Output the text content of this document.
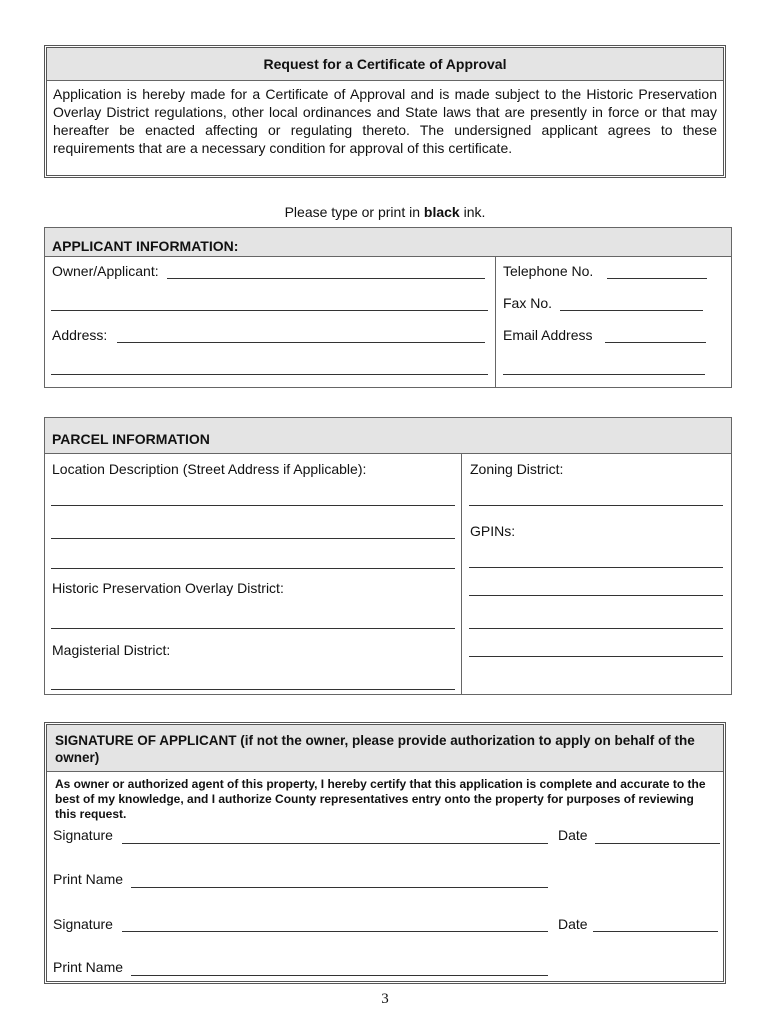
Request for a Certificate of Approval
Application is hereby made for a Certificate of Approval and is made subject to the Historic Preservation Overlay District regulations, other local ordinances and State laws that are presently in force or that may hereafter be enacted affecting or regulating thereto. The undersigned applicant agrees to these requirements that are a necessary condition for approval of this certificate.
Please type or print in black ink.
APPLICANT INFORMATION:
Owner/Applicant:
Address:
Telephone No.
Fax No.
Email Address
PARCEL INFORMATION
Location Description (Street Address if Applicable):
Historic Preservation Overlay District:
Magisterial District:
Zoning District:
GPINs:
SIGNATURE OF APPLICANT (if not the owner, please provide authorization to apply on behalf of the owner)
As owner or authorized agent of this property, I hereby certify that this application is complete and accurate to the best of my knowledge, and I authorize County representatives entry onto the property for purposes of reviewing this request.
Signature	Date
Print Name
Signature	Date
Print Name
3
